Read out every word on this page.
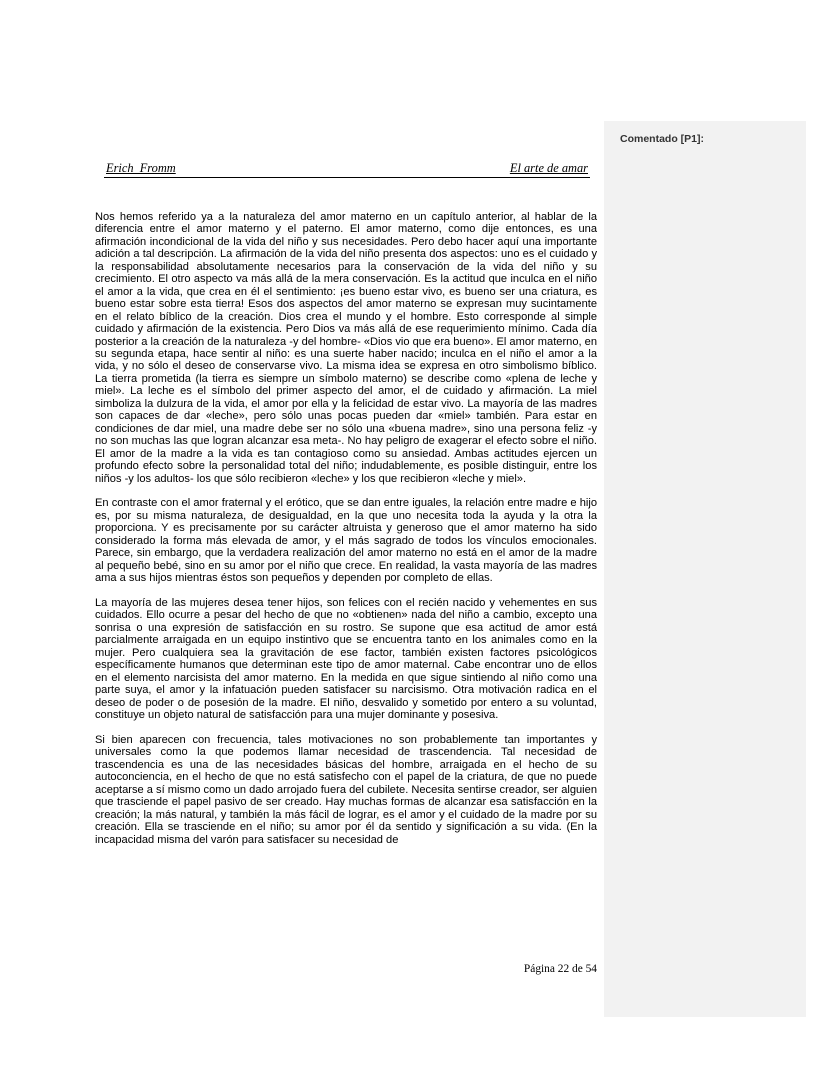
Comentado [P1]:
Erich  Fromm	El arte de amar

Nos hemos referido ya a la naturaleza del amor materno en un capítulo anterior, al hablar de la diferencia entre el amor materno y el paterno. El amor materno, como dije entonces, es una afirmación incondicional de la vida del niño y sus necesidades. Pero debo hacer aquí una importante adición a tal descripción. La afirmación de la vida del niño presenta dos aspectos: uno es el cuidado y la responsabilidad absolutamente necesarios para la conservación de la vida del niño y su crecimiento. El otro aspecto va más allá de la mera conservación. Es la actitud que inculca en el niño el amor a la vida, que crea en él el sentimiento: ¡es bueno estar vivo, es bueno ser una criatura, es bueno estar sobre esta tierra! Esos dos aspectos del amor materno se expresan muy sucintamente en el relato bíblico de la creación. Dios crea el mundo y el hombre. Esto corresponde al simple cuidado y afirmación de la existencia. Pero Dios va más allá de ese requerimiento mínimo. Cada día posterior a la creación de la naturaleza -y del hombre- «Dios vio que era bueno». El amor materno, en su segunda etapa, hace sentir al niño: es una suerte haber nacido; inculca en el niño el amor a la vida, y no sólo el deseo de conservarse vivo. La misma idea se expresa en otro simbolismo bíblico. La tierra prometida (la tierra es siempre un símbolo materno) se describe como «plena de leche y miel». La leche es el símbolo del primer aspecto del amor, el de cuidado y afirmación. La miel simboliza la dulzura de la vida, el amor por ella y la felicidad de estar vivo. La mayoría de las madres son capaces de dar «leche», pero sólo unas pocas pueden dar «miel» también. Para estar en condiciones de dar miel, una madre debe ser no sólo una «buena madre», sino una persona feliz -y no son muchas las que logran alcanzar esa meta-. No hay peligro de exagerar el efecto sobre el niño. El amor de la madre a la vida es tan contagioso como su ansiedad. Ambas actitudes ejercen un profundo efecto sobre la personalidad total del niño; indudablemente, es posible distinguir, entre los niños -y los adultos- los que sólo recibieron «leche» y los que recibieron «leche y miel».

En contraste con el amor fraternal y el erótico, que se dan entre iguales, la relación entre madre e hijo es, por su misma naturaleza, de desigualdad, en la que uno necesita toda la ayuda y la otra la proporciona. Y es precisamente por su carácter altruista y generoso que el amor materno ha sido considerado la forma más elevada de amor, y el más sagrado de todos los vínculos emocionales. Parece, sin embargo, que la verdadera realización del amor materno no está en el amor de la madre al pequeño bebé, sino en su amor por el niño que crece. En realidad, la vasta mayoría de las madres ama a sus hijos mientras éstos son pequeños y dependen por completo de ellas.

La mayoría de las mujeres desea tener hijos, son felices con el recién nacido y vehementes en sus cuidados. Ello ocurre a pesar del hecho de que no «obtienen» nada del niño a cambio, excepto una sonrisa o una expresión de satisfacción en su rostro. Se supone que esa actitud de amor está parcialmente arraigada en un equipo instintivo que se encuentra tanto en los animales como en la mujer. Pero cualquiera sea la gravitación de ese factor, también existen factores psicológicos específicamente humanos que determinan este tipo de amor maternal. Cabe encontrar uno de ellos en el elemento narcisista del amor materno. En la medida en que sigue sintiendo al niño como una parte suya, el amor y la infatuación pueden satisfacer su narcisismo. Otra motivación radica en el deseo de poder o de posesión de la madre. El niño, desvalido y sometido por entero a su voluntad, constituye un objeto natural de satisfacción para una mujer dominante y posesiva.

Si bien aparecen con frecuencia, tales motivaciones no son probablemente tan importantes y universales como la que podemos llamar necesidad de trascendencia. Tal necesidad de trascendencia es una de las necesidades básicas del hombre, arraigada en el hecho de su autoconciencia, en el hecho de que no está satisfecho con el papel de la criatura, de que no puede aceptarse a sí mismo como un dado arrojado fuera del cubilete. Necesita sentirse creador, ser alguien que trasciende el papel pasivo de ser creado. Hay muchas formas de alcanzar esa satisfacción en la creación; la más natural, y también la más fácil de lograr, es el amor y el cuidado de la madre por su creación. Ella se trasciende en el niño; su amor por él da sentido y significación a su vida. (En la incapacidad misma del varón para satisfacer su necesidad de

Página 22 de 54
